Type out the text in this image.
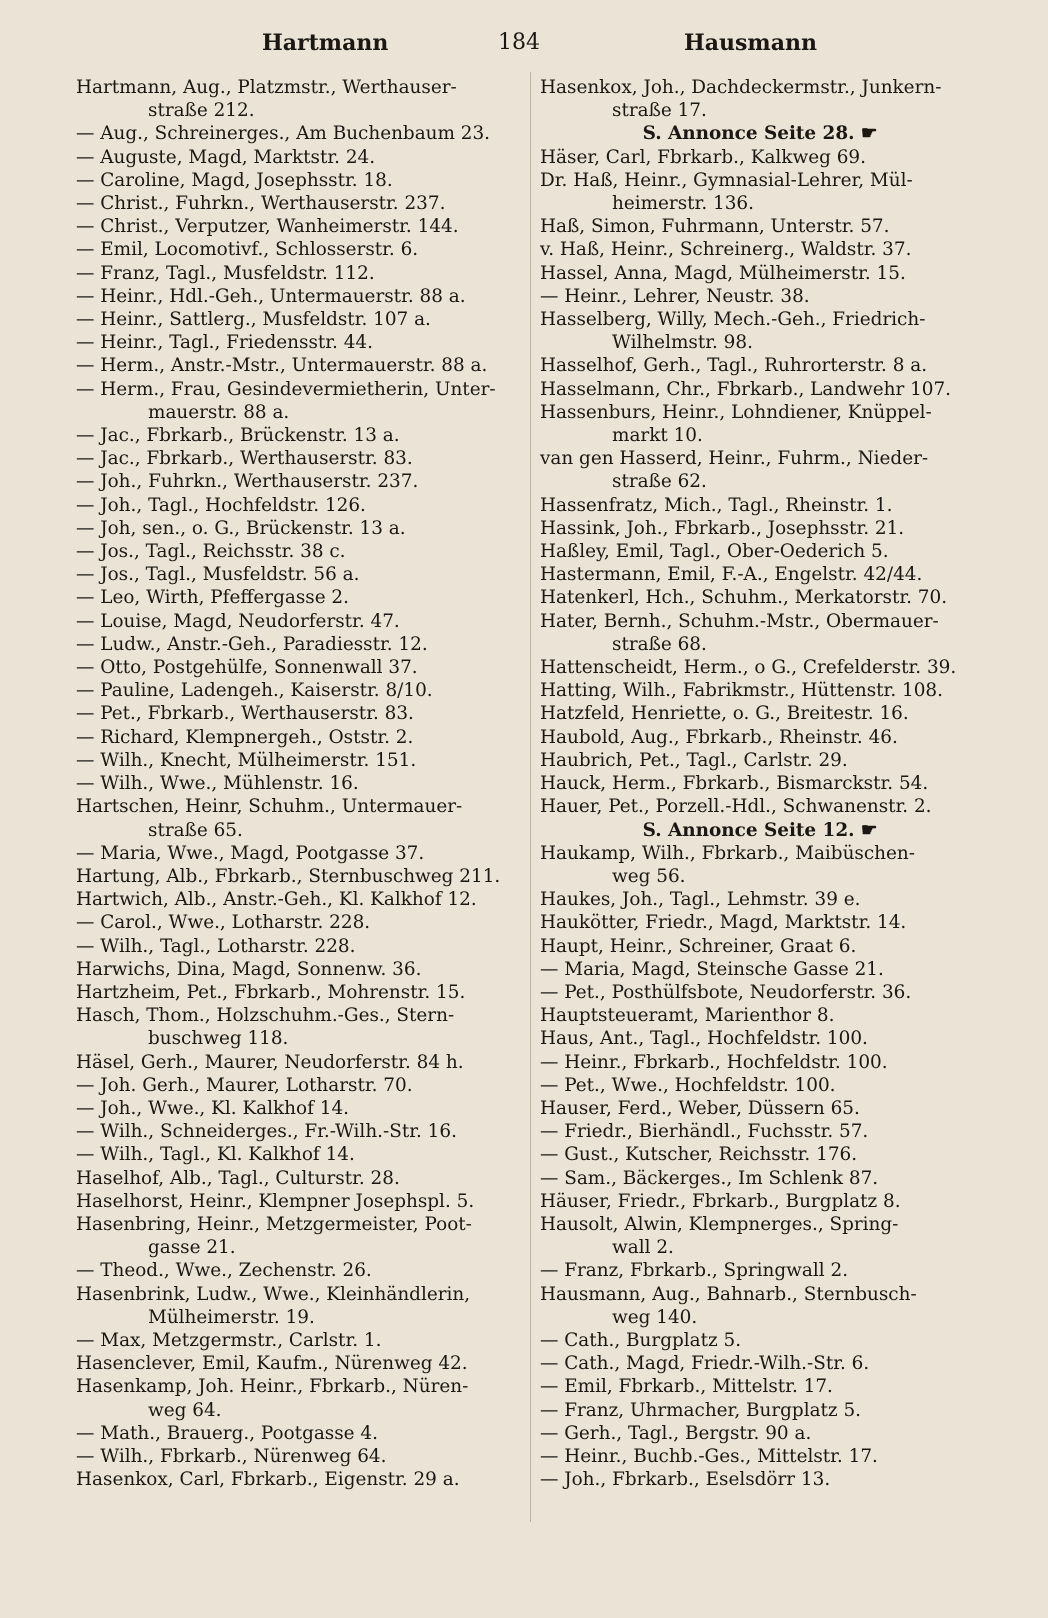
Hartmann	184	Hausmann
Hartmann, Aug., Platzmstr., Werthauser-
straße 212.
— Aug., Schreinerges., Am Buchenbaum 23.
— Auguste, Magd, Marktstr. 24.
— Caroline, Magd, Josephsstr. 18.
— Christ., Fuhrkn., Werthauserstr. 237.
— Christ., Verputzer, Wanheimerstr. 144.
— Emil, Locomotivf., Schlosserstr. 6.
— Franz, Tagl., Musfeldstr. 112.
— Heinr., Hdl.-Geh., Untermauerstr. 88 a.
— Heinr., Sattlerg., Musfeldstr. 107 a.
— Heinr., Tagl., Friedensstr. 44.
— Herm., Anstr.-Mstr., Untermauerstr. 88 a.
— Herm., Frau, Gesindevermietherin, Unter-
mauerstr. 88 a.
— Jac., Fbrkarb., Brückenstr. 13 a.
— Jac., Fbrkarb., Werthauserstr. 83.
— Joh., Fuhrkn., Werthauserstr. 237.
— Joh., Tagl., Hochfeldstr. 126.
— Joh, sen., o. G., Brückenstr. 13 a.
— Jos., Tagl., Reichsstr. 38 c.
— Jos., Tagl., Musfeldstr. 56 a.
— Leo, Wirth, Pfeffergasse 2.
— Louise, Magd, Neudorferstr. 47.
— Ludw., Anstr.-Geh., Paradiesstr. 12.
— Otto, Postgehülfe, Sonnenwall 37.
— Pauline, Ladengeh., Kaiserstr. 8/10.
— Pet., Fbrkarb., Werthauserstr. 83.
— Richard, Klempnergeh., Oststr. 2.
— Wilh., Knecht, Mülheimerstr. 151.
— Wilh., Wwe., Mühlenstr. 16.
Hartschen, Heinr, Schuhm., Untermauer-
straße 65.
— Maria, Wwe., Magd, Pootgasse 37.
Hartung, Alb., Fbrkarb., Sternbuschweg 211.
Hartwich, Alb., Anstr.-Geh., Kl. Kalkhof 12.
— Carol., Wwe., Lotharstr. 228.
— Wilh., Tagl., Lotharstr. 228.
Harwichs, Dina, Magd, Sonnenw. 36.
Hartzheim, Pet., Fbrkarb., Mohrenstr. 15.
Hasch, Thom., Holzschuhm.-Ges., Stern-
buschweg 118.
Häsel, Gerh., Maurer, Neudorferstr. 84 h.
— Joh. Gerh., Maurer, Lotharstr. 70.
— Joh., Wwe., Kl. Kalkhof 14.
— Wilh., Schneiderges., Fr.-Wilh.-Str. 16.
— Wilh., Tagl., Kl. Kalkhof 14.
Haselhof, Alb., Tagl., Culturstr. 28.
Haselhorst, Heinr., Klempner Josephspl. 5.
Hasenbring, Heinr., Metzgermeister, Poot-
gasse 21.
— Theod., Wwe., Zechenstr. 26.
Hasenbrink, Ludw., Wwe., Kleinhändlerin,
Mülheimerstr. 19.
— Max, Metzgermstr., Carlstr. 1.
Hasenclever, Emil, Kaufm., Nürenweg 42.
Hasenkamp, Joh. Heinr., Fbrkarb., Nüren-
weg 64.
— Math., Brauerg., Pootgasse 4.
— Wilh., Fbrkarb., Nürenweg 64.
Hasenkox, Carl, Fbrkarb., Eigenstr. 29 a.
Hasenkox, Joh., Dachdeckermstr., Junkern-
straße 17.
S. Annonce Seite 28. ☛
Häser, Carl, Fbrkarb., Kalkweg 69.
Dr. Haß, Heinr., Gymnasial-Lehrer, Mül-
heimerstr. 136.
Haß, Simon, Fuhrmann, Unterstr. 57.
v. Haß, Heinr., Schreinerg., Waldstr. 37.
Hassel, Anna, Magd, Mülheimerstr. 15.
— Heinr., Lehrer, Neustr. 38.
Hasselberg, Willy, Mech.-Geh., Friedrich-
Wilhelmstr. 98.
Hasselhof, Gerh., Tagl., Ruhrorterstr. 8 a.
Hasselmann, Chr., Fbrkarb., Landwehr 107.
Hassenburs, Heinr., Lohndiener, Knüppel-
markt 10.
van gen Hasserd, Heinr., Fuhrm., Nieder-
straße 62.
Hassenfratz, Mich., Tagl., Rheinstr. 1.
Hassink, Joh., Fbrkarb., Josephsstr. 21.
Haßley, Emil, Tagl., Ober-Oederich 5.
Hastermann, Emil, F.-A., Engelstr. 42/44.
Hatenkerl, Hch., Schuhm., Merkatorstr. 70.
Hater, Bernh., Schuhm.-Mstr., Obermauer-
straße 68.
Hattenscheidt, Herm., o G., Crefelderstr. 39.
Hatting, Wilh., Fabrikmstr., Hüttenstr. 108.
Hatzfeld, Henriette, o. G., Breitestr. 16.
Haubold, Aug., Fbrkarb., Rheinstr. 46.
Haubrich, Pet., Tagl., Carlstr. 29.
Hauck, Herm., Fbrkarb., Bismarckstr. 54.
Hauer, Pet., Porzell.-Hdl., Schwanenstr. 2.
S. Annonce Seite 12. ☛
Haukamp, Wilh., Fbrkarb., Maibüschen-
weg 56.
Haukes, Joh., Tagl., Lehmstr. 39 e.
Haukötter, Friedr., Magd, Marktstr. 14.
Haupt, Heinr., Schreiner, Graat 6.
— Maria, Magd, Steinsche Gasse 21.
— Pet., Posthülfsbote, Neudorferstr. 36.
Hauptsteueramt, Marienthor 8.
Haus, Ant., Tagl., Hochfeldstr. 100.
— Heinr., Fbrkarb., Hochfeldstr. 100.
— Pet., Wwe., Hochfeldstr. 100.
Hauser, Ferd., Weber, Düssern 65.
— Friedr., Bierhändl., Fuchsstr. 57.
— Gust., Kutscher, Reichsstr. 176.
— Sam., Bäckerges., Im Schlenk 87.
Häuser, Friedr., Fbrkarb., Burgplatz 8.
Hausolt, Alwin, Klempnerges., Spring-
wall 2.
— Franz, Fbrkarb., Springwall 2.
Hausmann, Aug., Bahnarb., Sternbusch-
weg 140.
— Cath., Burgplatz 5.
— Cath., Magd, Friedr.-Wilh.-Str. 6.
— Emil, Fbrkarb., Mittelstr. 17.
— Franz, Uhrmacher, Burgplatz 5.
— Gerh., Tagl., Bergstr. 90 a.
— Heinr., Buchb.-Ges., Mittelstr. 17.
— Joh., Fbrkarb., Eselsdörr 13.
